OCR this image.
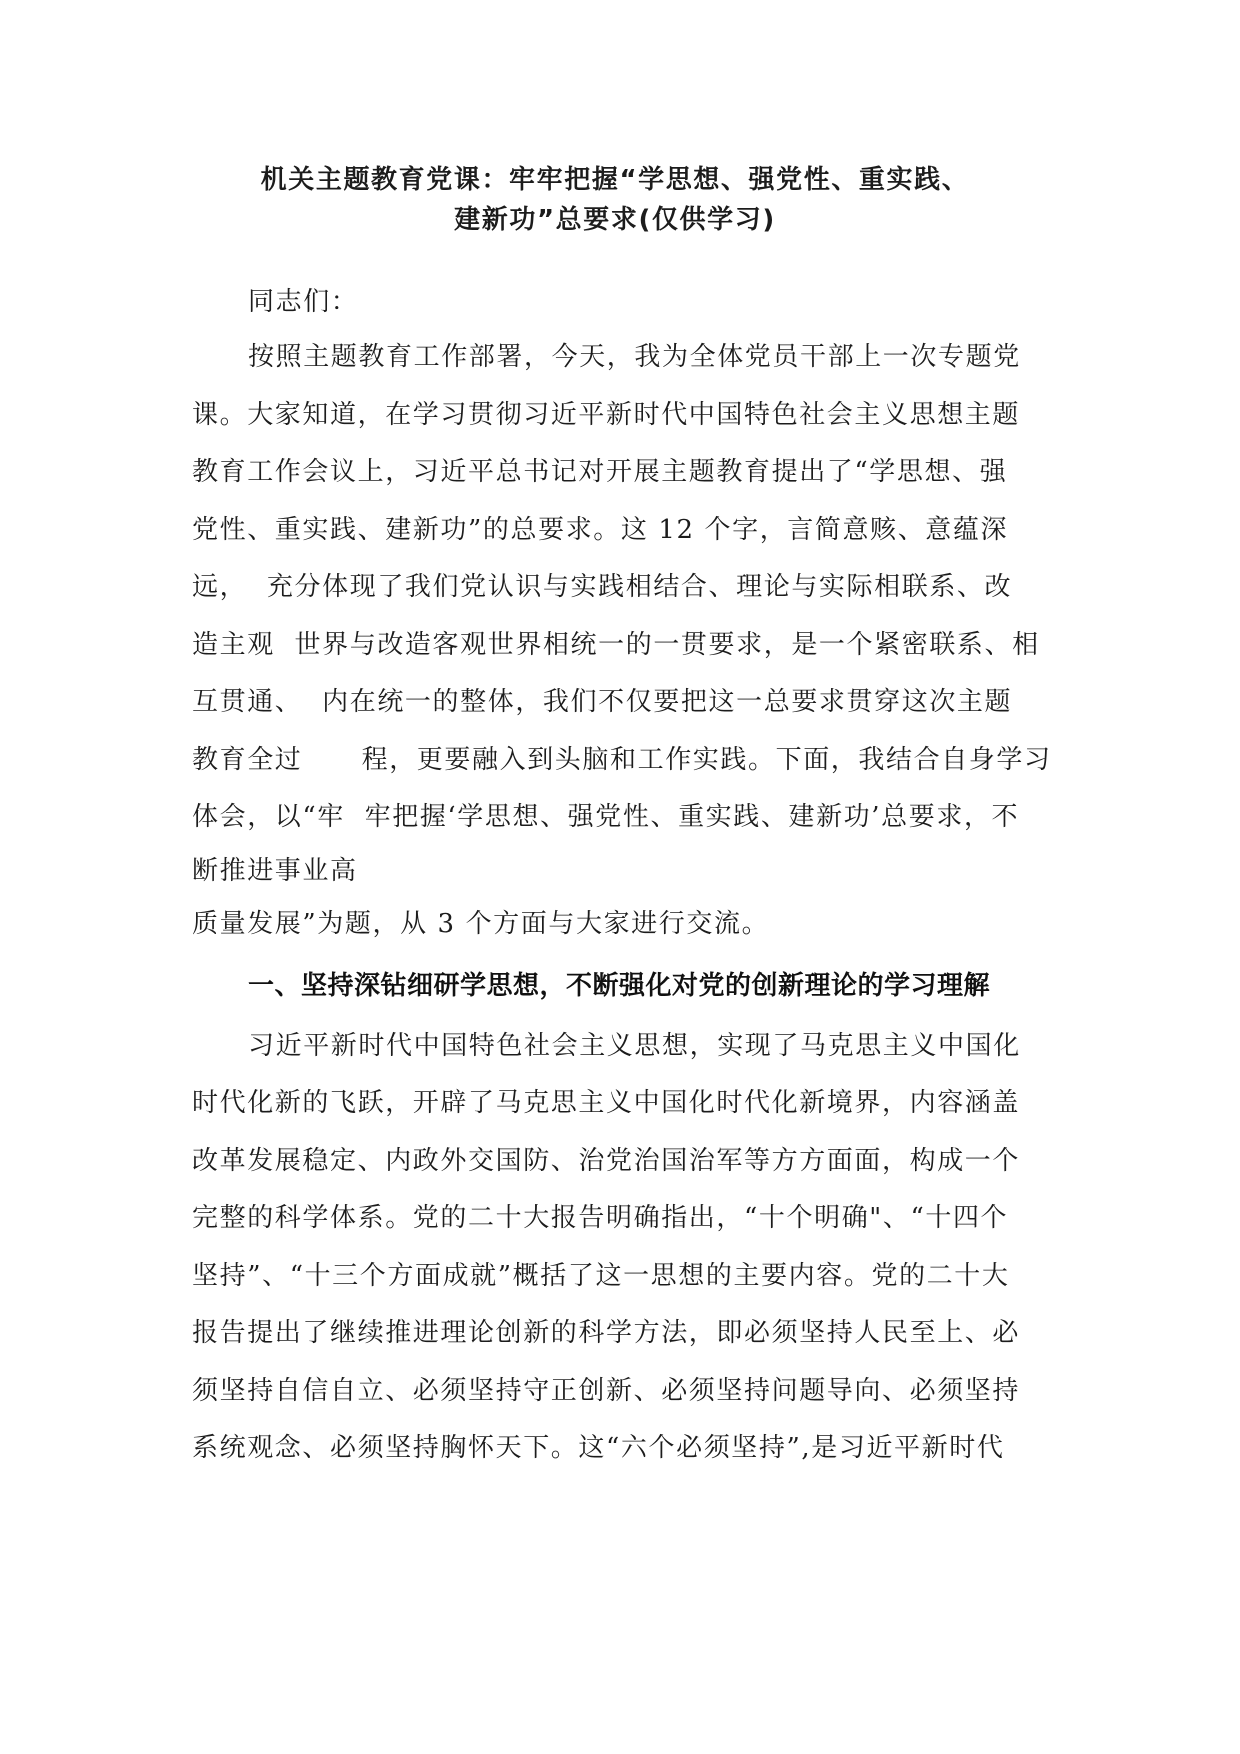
机关主题教育党课：牢牢把握“学思想、强党性、重实践、
建新功”总要求(仅供学习)
同志们：
按照主题教育工作部署，今天，我为全体党员干部上一次专题党
课。大家知道，在学习贯彻习近平新时代中国特色社会主义思想主题
教育工作会议上，习近平总书记对开展主题教育提出了“学思想、强
党性、重实践、建新功”的总要求。这 12 个字，言简意赅、意蕴深
远，  充分体现了我们党认识与实践相结合、理论与实际相联系、改
造主观  世界与改造客观世界相统一的一贯要求，是一个紧密联系、相
互贯通、  内在统一的整体，我们不仅要把这一总要求贯穿这次主题
教育全过      程，更要融入到头脑和工作实践。下面，我结合自身学习
体会，以“牢  牢把握‘学思想、强党性、重实践、建新功’总要求，不
断推进事业高
质量发展”为题，从 3 个方面与大家进行交流。
一、坚持深钻细研学思想，不断强化对党的创新理论的学习理解
习近平新时代中国特色社会主义思想，实现了马克思主义中国化
时代化新的飞跃，开辟了马克思主义中国化时代化新境界，内容涵盖
改革发展稳定、内政外交国防、治党治国治军等方方面面，构成一个
完整的科学体系。党的二十大报告明确指出，“十个明确"、“十四个
坚持”、“十三个方面成就”概括了这一思想的主要内容。党的二十大
报告提出了继续推进理论创新的科学方法，即必须坚持人民至上、必
须坚持自信自立、必须坚持守正创新、必须坚持问题导向、必须坚持
系统观念、必须坚持胸怀天下。这“六个必须坚持”,是习近平新时代
